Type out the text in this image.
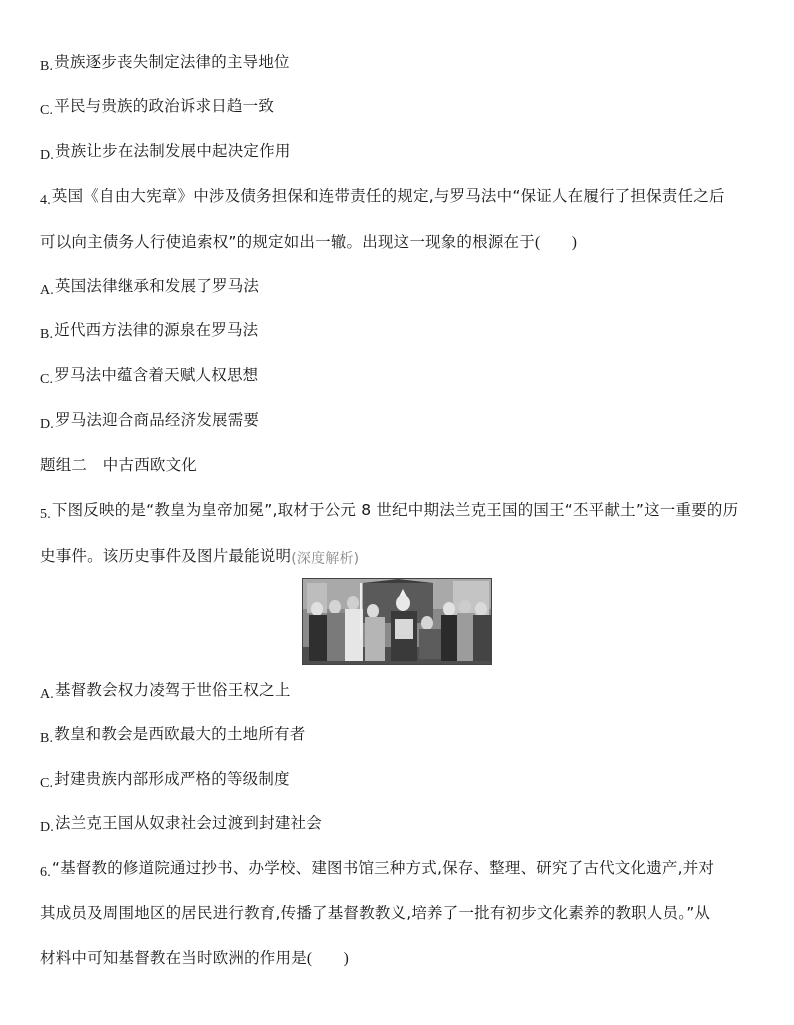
B.贵族逐步丧失制定法律的主导地位
C.平民与贵族的政治诉求日趋一致
D.贵族让步在法制发展中起决定作用
4.英国《自由大宪章》中涉及债务担保和连带责任的规定,与罗马法中“保证人在履行了担保责任之后
可以向主债务人行使追索权”的规定如出一辙。出现这一现象的根源在于(　　)
A.英国法律继承和发展了罗马法
B.近代西方法律的源泉在罗马法
C.罗马法中蕴含着天赋人权思想
D.罗马法迎合商品经济发展需要
题组二　中古西欧文化
5.下图反映的是“教皇为皇帝加冕”,取材于公元 8 世纪中期法兰克王国的国王“丕平献土”这一重要的历
史事件。该历史事件及图片最能说明(深度解析)
A.基督教会权力凌驾于世俗王权之上
B.教皇和教会是西欧最大的土地所有者
C.封建贵族内部形成严格的等级制度
D.法兰克王国从奴隶社会过渡到封建社会
6.“基督教的修道院通过抄书、办学校、建图书馆三种方式,保存、整理、研究了古代文化遗产,并对
其成员及周围地区的居民进行教育,传播了基督教教义,培养了一批有初步文化素养的教职人员。”从
材料中可知基督教在当时欧洲的作用是(　　)
